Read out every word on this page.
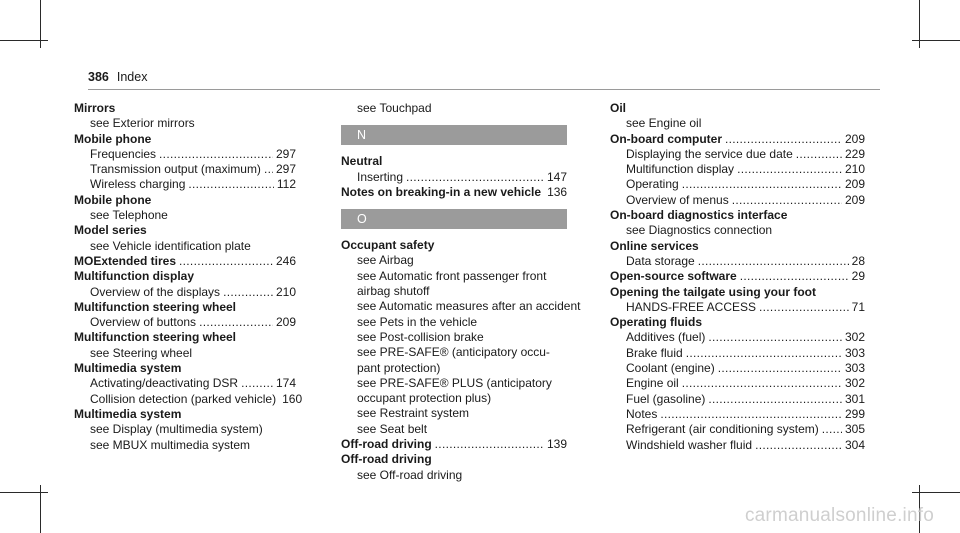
386 Index
Mirrors
see Exterior mirrors
Mobile phone
Frequencies .....	297
Transmission output (maximum) ..... 297
Wireless charging .....	112
Mobile phone
see Telephone
Model series
see Vehicle identification plate
MOExtended tires .....	246
Multifunction display
Overview of the displays .....	210
Multifunction steering wheel
Overview of buttons .....	209
Multifunction steering wheel
see Steering wheel
Multimedia system
Activating/deactivating DSR .....	174
Collision detection (parked vehicle) 160
Multimedia system
see Display (multimedia system)
see MBUX multimedia system
see Touchpad
N
Neutral
Inserting .....	147
Notes on breaking-in a new vehicle 136
O
Occupant safety
see Airbag
see Automatic front passenger front
airbag shutoff
see Automatic measures after an accident
see Pets in the vehicle
see Post-collision brake
see PRE-SAFE® (anticipatory occu-
pant protection)
see PRE-SAFE® PLUS (anticipatory
occupant protection plus)
see Restraint system
see Seat belt
Off-road driving .....	139
Off-road driving
see Off-road driving
Oil
see Engine oil
On-board computer .....	209
Displaying the service due date .....	229
Multifunction display .....	210
Operating .....	209
Overview of menus .....	209
On-board diagnostics interface
see Diagnostics connection
Online services
Data storage .....	28
Open-source software .....	29
Opening the tailgate using your foot
HANDS-FREE ACCESS .....	71
Operating fluids
Additives (fuel) .....	302
Brake fluid .....	303
Coolant (engine) .....	303
Engine oil .....	302
Fuel (gasoline) .....	301
Notes .....	299
Refrigerant (air conditioning system) ..... 305
Windshield washer fluid .....	304
carmanualsonline.info
